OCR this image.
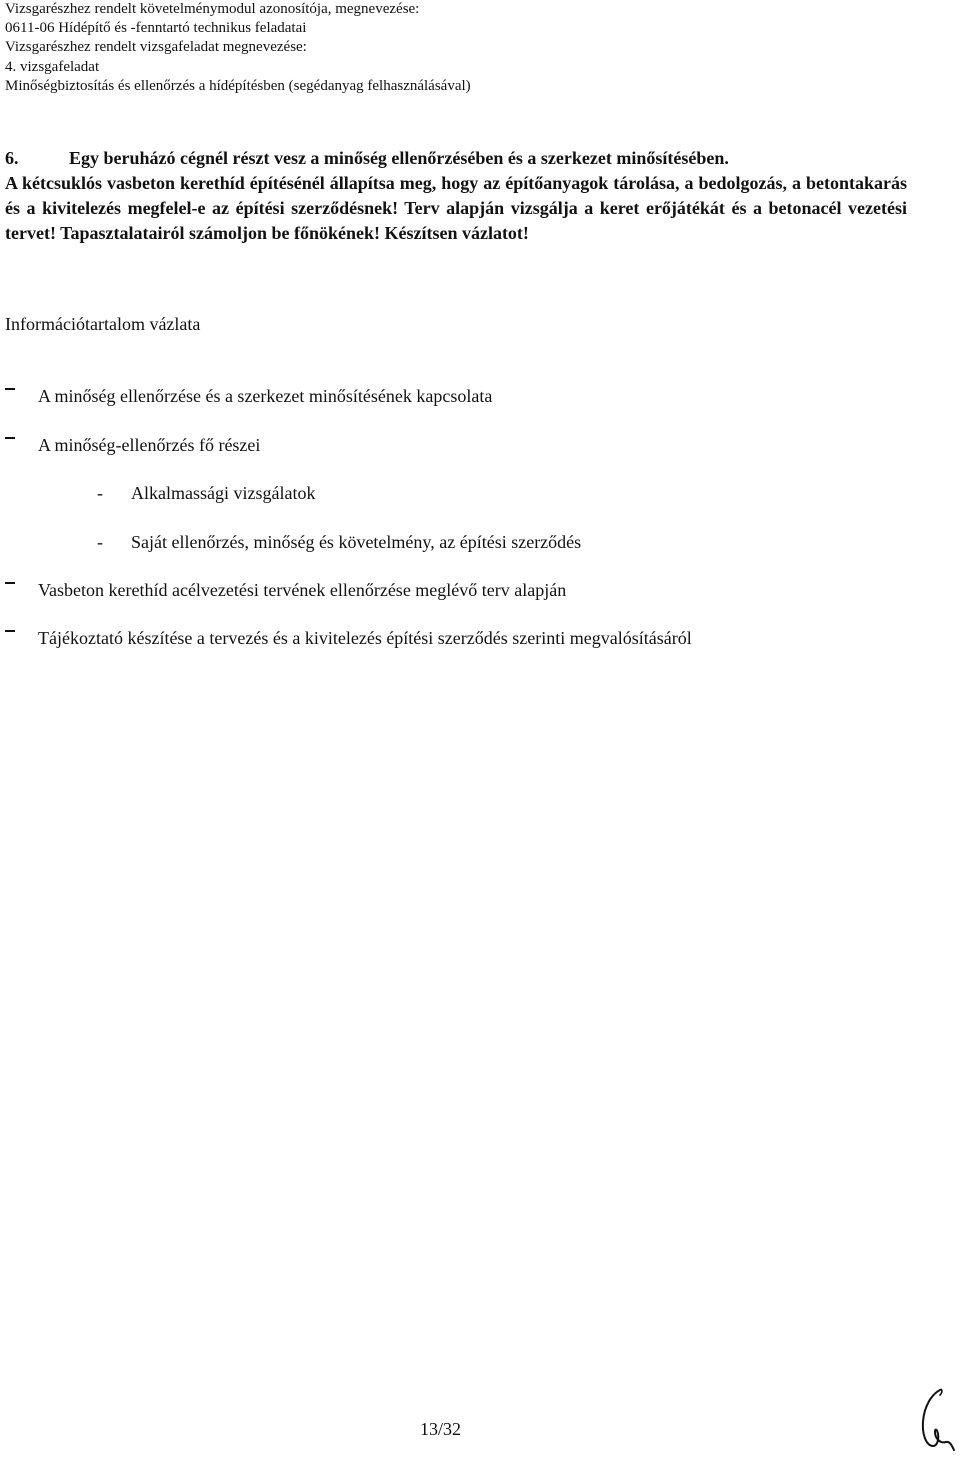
Vizsgarészhez rendelt követelménymodul azonosítója, megnevezése:
0611-06 Hídépítő és -fenntartó technikus feladatai
Vizsgarészhez rendelt vizsgafeladat megnevezése:
4. vizsgafeladat
Minőségbiztosítás és ellenőrzés a hídépítésben (segédanyag felhasználásával)
6.	Egy beruházó cégnél részt vesz a minőség ellenőrzésében és a szerkezet minősítésében.
A kétcsuklós vasbeton kerethíd építésénél állapítsa meg, hogy az építőanyagok tárolása, a bedolgozás, a betontakarás és a kivitelezés megfelel-e az építési szerződésnek! Terv alapján vizsgálja a keret erőjátékát és a betonacél vezetési tervet! Tapasztalatairól számoljon be főnökének! Készítsen vázlatot!
Információtartalom vázlata
A minőség ellenőrzése és a szerkezet minősítésének kapcsolata
A minőség-ellenőrzés fő részei
- Alkalmassági vizsgálatok
- Saját ellenőrzés, minőség és követelmény, az építési szerződés
Vasbeton kerethíd acélvezetési tervének ellenőrzése meglévő terv alapján
Tájékoztató készítése a tervezés és a kivitelezés építési szerződés szerinti megvalósításáról
13/32
